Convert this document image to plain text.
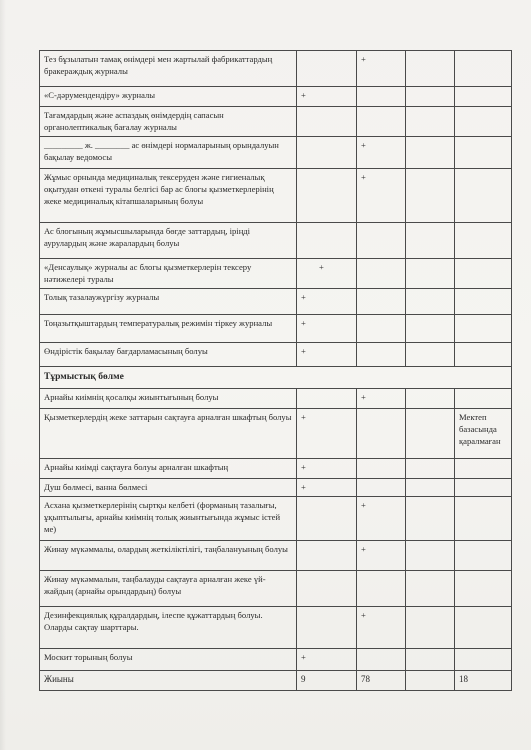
Тез бұзылатын тамақ өнімдері мен жартылай фабрикаттардың бракераждық журналы		+		
«С-дәрумендендіру» журналы	+			
Тағамдардың және аспаздық өнімдердің сапасын органолептикалық бағалау журналы				
_________ ж. ________ ас өнімдері нормаларының орындалуын бақылау ведомосы		+		
Жұмыс орнында медициналық тексеруден және гигиеналық оқытудан өткені туралы белгісі бар ас блогы қызметкерлерінің жеке медициналық кітапшаларының болуы		+		
Ас блогының жұмысшыларында бөгде заттардың, іріңді аурулардың және жаралардың болуы				
«Денсаулық» журналы ас блогы қызметкерлерін тексеру нәтижелері туралы	+			
Толық тазалаужүргізу журналы	+			
Тоңазытқыштардың температуралық режимін тіркеу журналы	+			
Өндірістік бақылау бағдарламасының болуы	+			
Тұрмыстық бөлме				
Арнайы киімнің қосалқы жиынтығының болуы		+		
Қызметкерлердің жеке заттарын сақтауға арналған шкафтың болуы	+			Мектеп базасында қаралмаған
Арнайы киімді сақтауға болуы арналған шкафтың	+			
Душ бөлмесі, ванна бөлмесі	+			
Асхана қызметкерлерінің сыртқы келбеті (форманың тазалығы, ұқыптылығы, арнайы киімнің толық жиынтығында жұмыс істей ме)		+		
Жинау мүкәммалы, олардың жеткіліктілігі, таңбалануының болуы		+		
Жинау мүкәммалын, таңбалауды сақтауға арналған жеке үй-жайдың (арнайы орындардың) болуы				
Дезинфекциялық құралдардың, ілеспе құжаттардың болуы. Оларды сақтау шарттары.		+		
Москит торының болуы	+			
Жиыны	9	78		18
